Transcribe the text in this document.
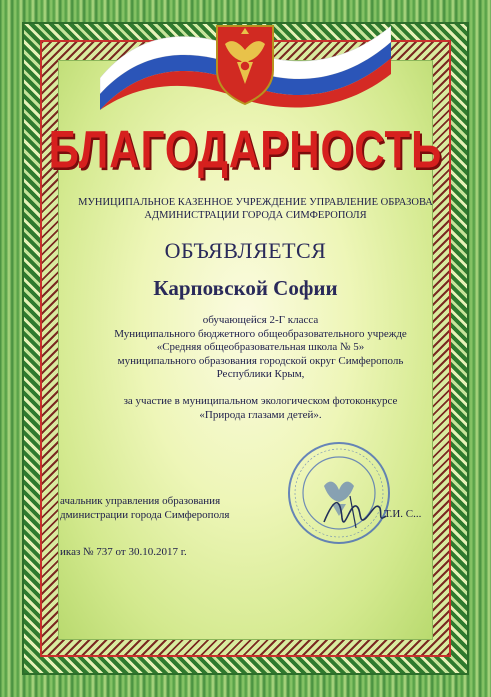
БЛАГОДАРНОСТЬ
МУНИЦИПАЛЬНОЕ КАЗЕННОЕ УЧРЕЖДЕНИЕ УПРАВЛЕНИЕ ОБРАЗОВА
АДМИНИСТРАЦИИ ГОРОДА СИМФЕРОПОЛЯ
ОБЪЯВЛЯЕТСЯ
Карповской Софии
обучающейся 2-Г класса
Муниципального бюджетного общеобразовательного учрежде
«Средняя общеобразовательная школа № 5»
муниципального образования городской округ Симферополь
Республики Крым,
за участие в муниципальном экологическом фотоконкурсе
«Природа глазами детей».
ачальник управления образования
дминистрации города Симферополя	Т.И. С...
иказ № 737 от 30.10.2017 г.
